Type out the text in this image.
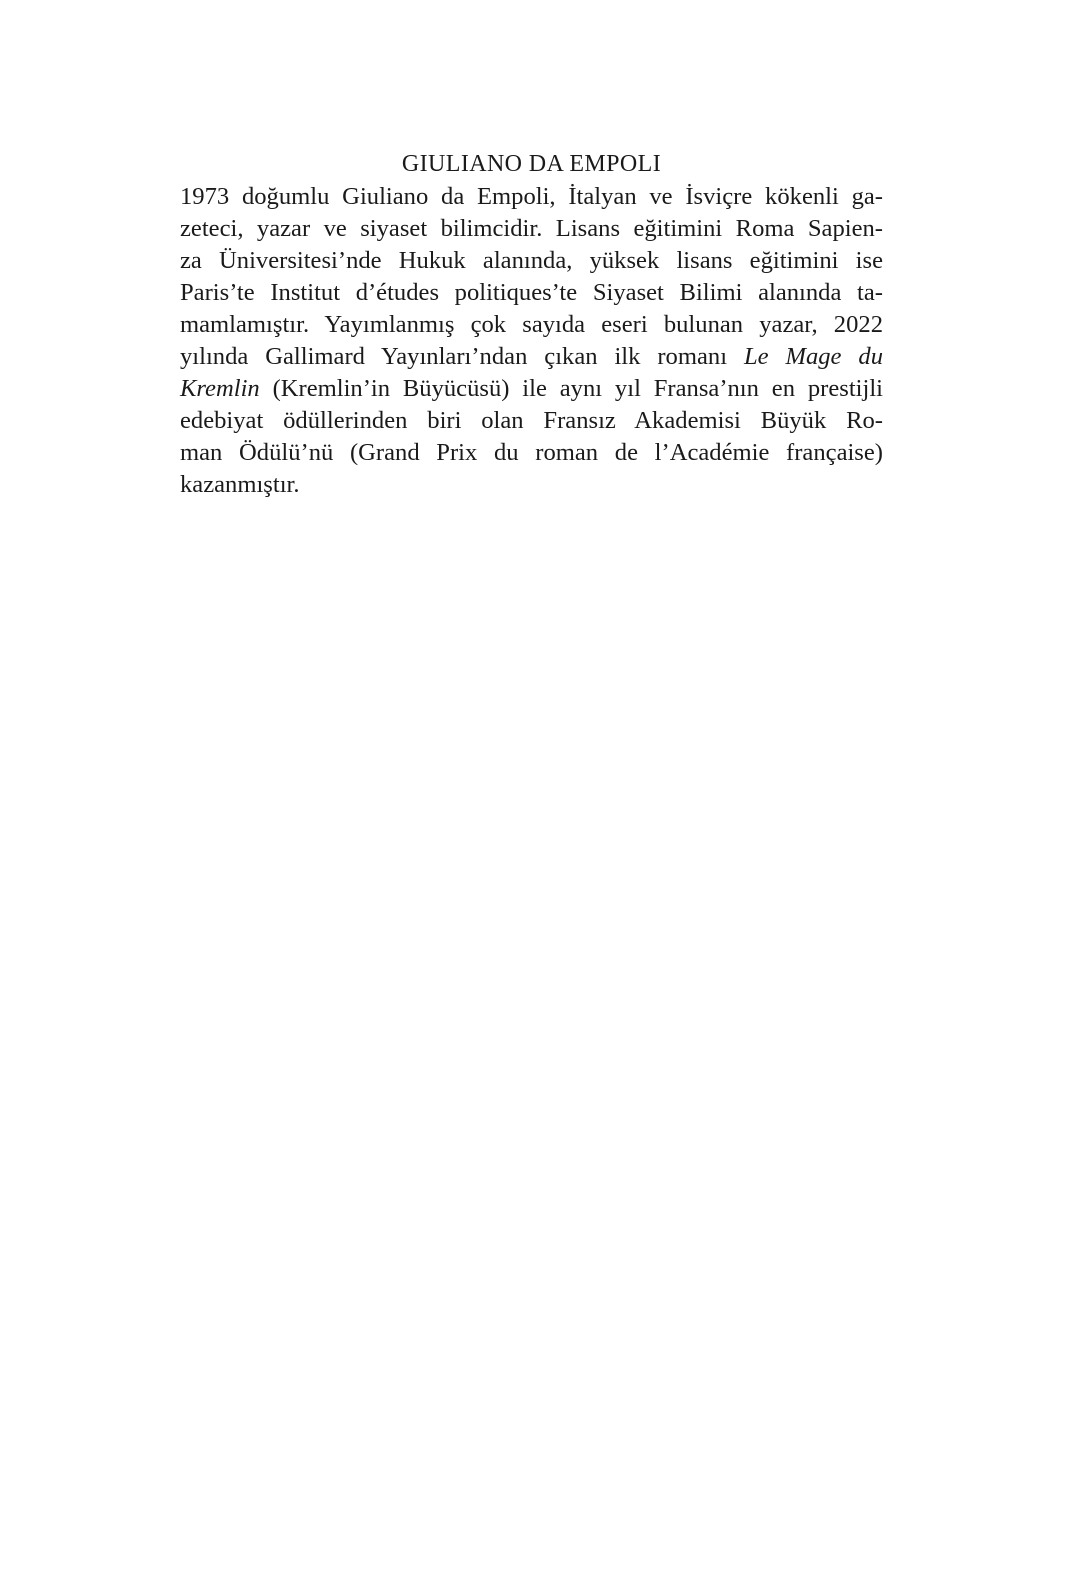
GIULIANO DA EMPOLI
1973 doğumlu Giuliano da Empoli, İtalyan ve İsviçre kökenli ga-
zeteci, yazar ve siyaset bilimcidir. Lisans eğitimini Roma Sapien-
za Üniversitesi’nde Hukuk alanında, yüksek lisans eğitimini ise
Paris’te Institut d’études politiques’te Siyaset Bilimi alanında ta-
mamlamıştır. Yayımlanmış çok sayıda eseri bulunan yazar, 2022
yılında Gallimard Yayınları’ndan çıkan ilk romanı Le Mage du
Kremlin (Kremlin’in Büyücüsü) ile aynı yıl Fransa’nın en prestijli
edebiyat ödüllerinden biri olan Fransız Akademisi Büyük Ro-
man Ödülü’nü (Grand Prix du roman de l’Académie française)
kazanmıştır.
